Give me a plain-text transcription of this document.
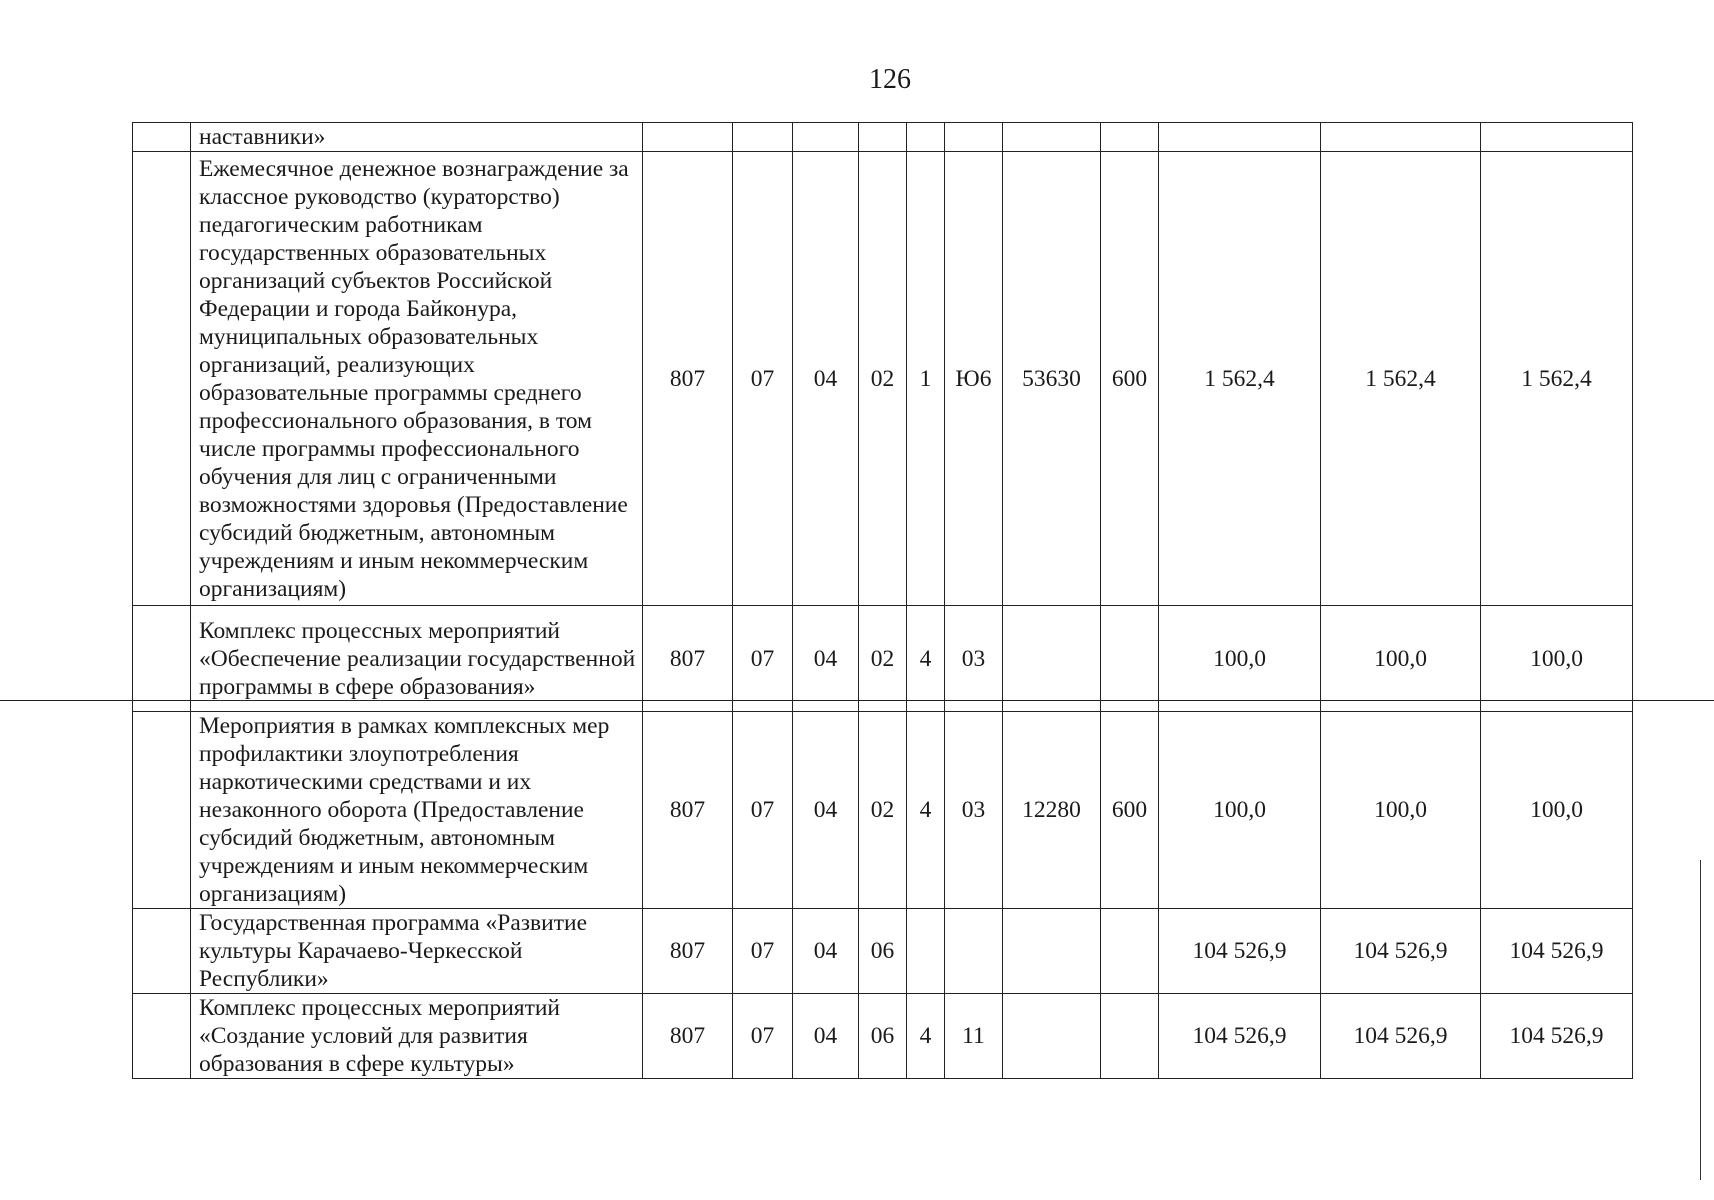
126
	наставники»											
	Ежемесячное денежное вознаграждение за классное руководство (кураторство) педагогическим работникам государственных образовательных организаций субъектов Российской Федерации и города Байконура, муниципальных образовательных организаций, реализующих образовательные программы среднего профессионального образования, в том числе программы профессионального обучения для лиц с ограниченными возможностями здоровья (Предоставление субсидий бюджетным, автономным учреждениям и иным некоммерческим организациям)	807	07	04	02	1	Ю6	53630	600	1 562,4	1 562,4	1 562,4
	Комплекс процессных мероприятий «Обеспечение реализации государственной программы в сфере образования»	807	07	04	02	4	03			100,0	100,0	100,0
	Мероприятия в рамках комплексных мер профилактики злоупотребления наркотическими средствами и их незаконного оборота (Предоставление субсидий бюджетным, автономным учреждениям и иным некоммерческим организациям)	807	07	04	02	4	03	12280	600	100,0	100,0	100,0
	Государственная программа «Развитие культуры Карачаево-Черкесской Республики»	807	07	04	06					104 526,9	104 526,9	104 526,9
	Комплекс процессных мероприятий «Создание условий для развития образования в сфере культуры»	807	07	04	06	4	11			104 526,9	104 526,9	104 526,9
